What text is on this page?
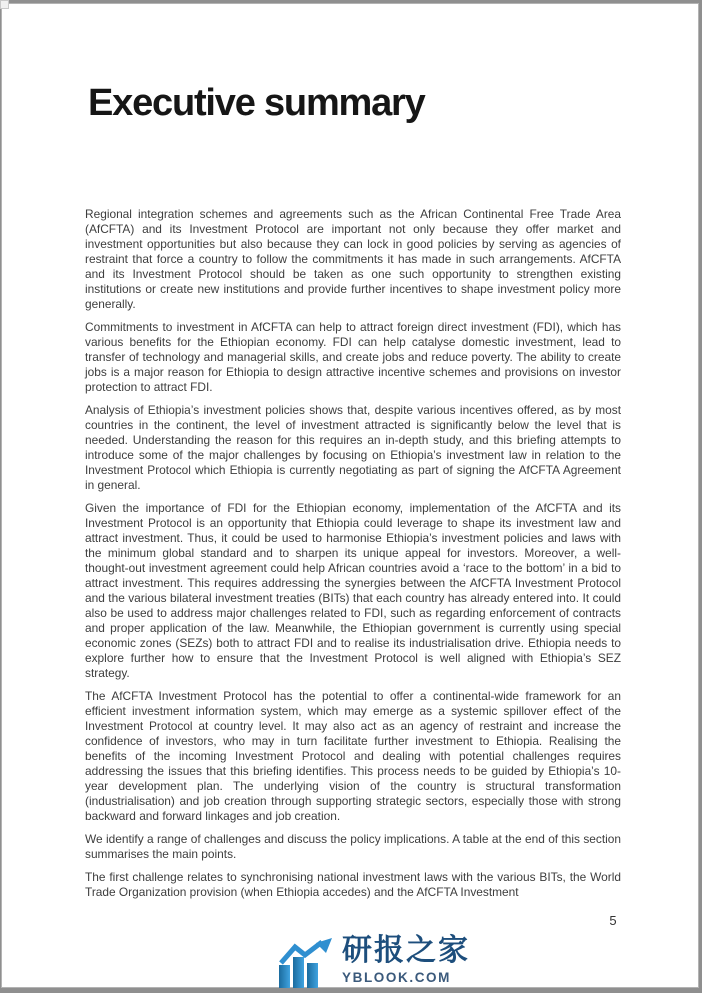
Executive summary

Regional integration schemes and agreements such as the African Continental Free Trade Area (AfCFTA) and its Investment Protocol are important not only because they offer market and investment opportunities but also because they can lock in good policies by serving as agencies of restraint that force a country to follow the commitments it has made in such arrangements. AfCFTA and its Investment Protocol should be taken as one such opportunity to strengthen existing institutions or create new institutions and provide further incentives to shape investment policy more generally.

Commitments to investment in AfCFTA can help to attract foreign direct investment (FDI), which has various benefits for the Ethiopian economy. FDI can help catalyse domestic investment, lead to transfer of technology and managerial skills, and create jobs and reduce poverty. The ability to create jobs is a major reason for Ethiopia to design attractive incentive schemes and provisions on investor protection to attract FDI.

Analysis of Ethiopia’s investment policies shows that, despite various incentives offered, as by most countries in the continent, the level of investment attracted is significantly below the level that is needed. Understanding the reason for this requires an in-depth study, and this briefing attempts to introduce some of the major challenges by focusing on Ethiopia’s investment law in relation to the Investment Protocol which Ethiopia is currently negotiating as part of signing the AfCFTA Agreement in general.

Given the importance of FDI for the Ethiopian economy, implementation of the AfCFTA and its Investment Protocol is an opportunity that Ethiopia could leverage to shape its investment law and attract investment. Thus, it could be used to harmonise Ethiopia’s investment policies and laws with the minimum global standard and to sharpen its unique appeal for investors. Moreover, a well-thought-out investment agreement could help African countries avoid a ‘race to the bottom’ in a bid to attract investment. This requires addressing the synergies between the AfCFTA Investment Protocol and the various bilateral investment treaties (BITs) that each country has already entered into. It could also be used to address major challenges related to FDI, such as regarding enforcement of contracts and proper application of the law. Meanwhile, the Ethiopian government is currently using special economic zones (SEZs) both to attract FDI and to realise its industrialisation drive. Ethiopia needs to explore further how to ensure that the Investment Protocol is well aligned with Ethiopia’s SEZ strategy.

The AfCFTA Investment Protocol has the potential to offer a continental-wide framework for an efficient investment information system, which may emerge as a systemic spillover effect of the Investment Protocol at country level. It may also act as an agency of restraint and increase the confidence of investors, who may in turn facilitate further investment to Ethiopia. Realising the benefits of the incoming Investment Protocol and dealing with potential challenges requires addressing the issues that this briefing identifies. This process needs to be guided by Ethiopia’s 10-year development plan. The underlying vision of the country is structural transformation (industrialisation) and job creation through supporting strategic sectors, especially those with strong backward and forward linkages and job creation.

We identify a range of challenges and discuss the policy implications. A table at the end of this section summarises the main points.

The first challenge relates to synchronising national investment laws with the various BITs, the World Trade Organization provision (when Ethiopia accedes) and the AfCFTA Investment

5
研报之家
YBLOOK.COM
